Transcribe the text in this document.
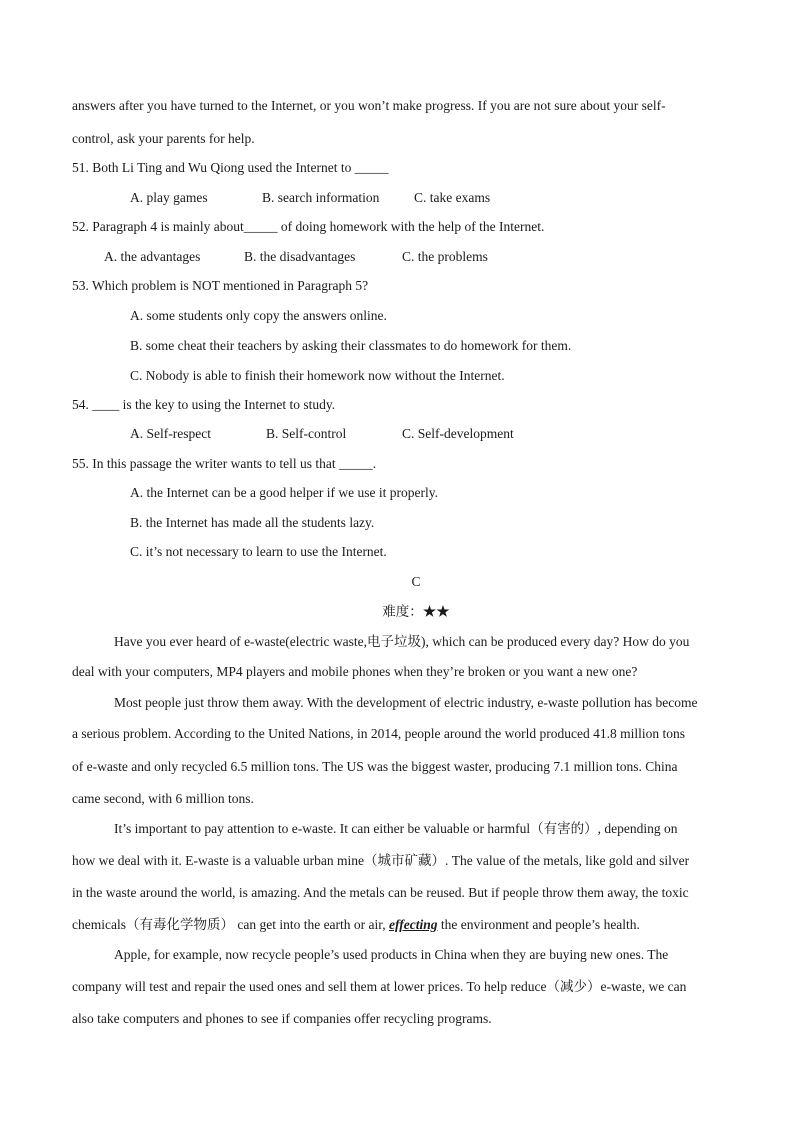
answers after you have turned to the Internet, or you won’t make progress. If you are not sure about your self-
control, ask your parents for help.
51. Both Li Ting and Wu Qiong used the Internet to _____
A. play games	B. search information	C. take exams
52. Paragraph 4 is mainly about_____ of doing homework with the help of the Internet.
A. the advantages	B. the disadvantages	C. the problems
53. Which problem is NOT mentioned in Paragraph 5?
A. some students only copy the answers online.
B. some cheat their teachers by asking their classmates to do homework for them.
C. Nobody is able to finish their homework now without the Internet.
54. ____ is the key to using the Internet to study.
A. Self-respect	B. Self-control	C. Self-development
55. In this passage the writer wants to tell us that _____.
A. the Internet can be a good helper if we use it properly.
B. the Internet has made all the students lazy.
C. it’s not necessary to learn to use the Internet.
C
难度：★★
Have you ever heard of e-waste(electric waste,电子垃圾), which can be produced every day? How do you
deal with your computers, MP4 players and mobile phones when they’re broken or you want a new one?
Most people just throw them away. With the development of electric industry, e-waste pollution has become
a serious problem. According to the United Nations, in 2014, people around the world produced 41.8 million tons
of e-waste and only recycled 6.5 million tons. The US was the biggest waster, producing 7.1 million tons. China
came second, with 6 million tons.
It’s important to pay attention to e-waste. It can either be valuable or harmful（有害的）, depending on
how we deal with it. E-waste is a valuable urban mine（城市矿藏）. The value of the metals, like gold and silver
in the waste around the world, is amazing. And the metals can be reused. But if people throw them away, the toxic
chemicals（有毒化学物质） can get into the earth or air, effecting the environment and people’s health.
Apple, for example, now recycle people’s used products in China when they are buying new ones. The
company will test and repair the used ones and sell them at lower prices. To help reduce（减少）e-waste, we can
also take computers and phones to see if companies offer recycling programs.
